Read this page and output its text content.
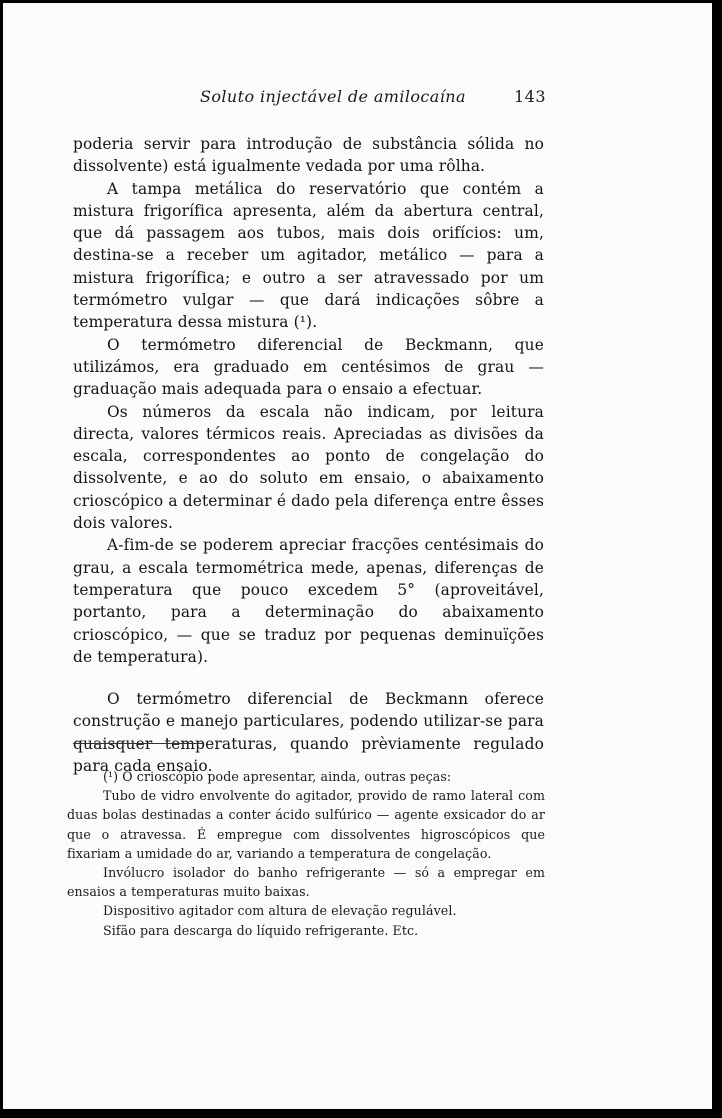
Soluto injectável de amilocaína	143

poderia servir para introdução de substância sólida no dissolvente) está igualmente vedada por uma rôlha.

A tampa metálica do reservatório que contém a mistura frigorífica apresenta, além da abertura central, que dá passagem aos tubos, mais dois orifícios: um, destina-se a receber um agitador, metálico — para a mistura frigorífica; e outro a ser atravessado por um termómetro vulgar — que dará indicações sôbre a temperatura dessa mistura (¹).

O termómetro diferencial de Beckmann, que utilizámos, era graduado em centésimos de grau — graduação mais adequada para o ensaio a efectuar.

Os números da escala não indicam, por leitura directa, valores térmicos reais. Apreciadas as divisões da escala, correspondentes ao ponto de congelação do dissolvente, e ao do soluto em ensaio, o abaixamento crioscópico a determinar é dado pela diferença entre êsses dois valores.

A-fim-de se poderem apreciar fracções centésimais do grau, a escala termométrica mede, apenas, diferenças de temperatura que pouco excedem 5° (aproveitável, portanto, para a determinação do abaixamento crioscópico, — que se traduz por pequenas deminuïções de temperatura).

O termómetro diferencial de Beckmann oferece construção e manejo particulares, podendo utilizar-se para quaisquer temperaturas, quando prèviamente regulado para cada ensaio.

(¹) O crioscópio pode apresentar, ainda, outras peças:

Tubo de vidro envolvente do agitador, provido de ramo lateral com duas bolas destinadas a conter ácido sulfúrico — agente exsicador do ar que o atravessa. É empregue com dissolventes higroscópicos que fixariam a umidade do ar, variando a temperatura de congelação.

Invólucro isolador do banho refrigerante — só a empregar em ensaios a temperaturas muito baixas.

Dispositivo agitador com altura de elevação regulável.

Sifão para descarga do líquido refrigerante. Etc.
